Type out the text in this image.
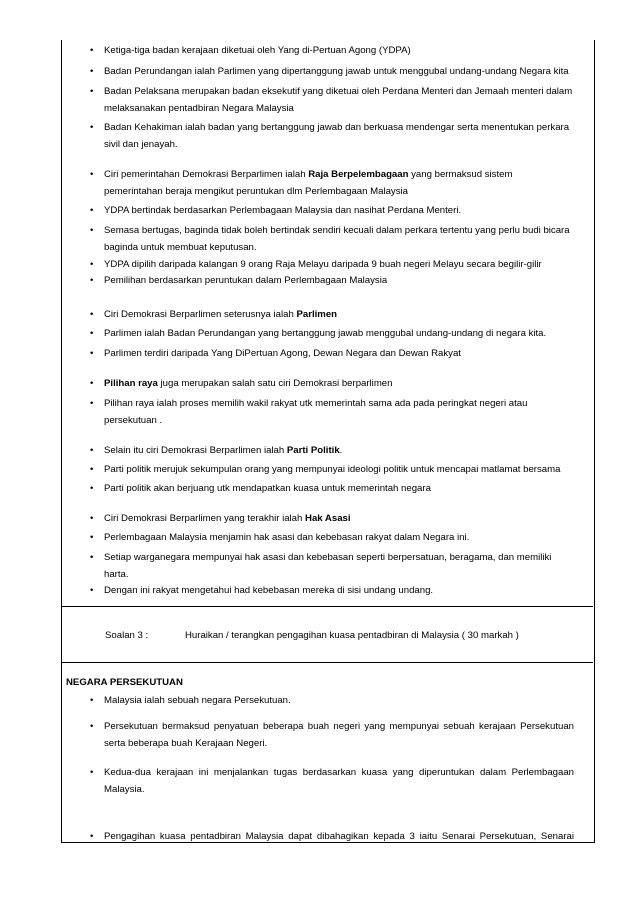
•	Ketiga-tiga badan kerajaan diketuai oleh Yang di-Pertuan Agong (YDPA)
•	Badan Perundangan ialah Parlimen yang dipertanggung jawab untuk menggubal undang-undang Negara kita
•	Badan Pelaksana merupakan badan eksekutif yang diketuai oleh Perdana Menteri dan Jemaah menteri dalam
melaksanakan pentadbiran Negara Malaysia
•	Badan Kehakiman ialah badan yang bertanggung jawab dan berkuasa mendengar serta menentukan perkara
sivil dan jenayah.
•	Ciri pemerintahan Demokrasi Berparlimen ialah Raja Berpelembagaan yang bermaksud sistem
pemerintahan beraja mengikut peruntukan dlm Perlembagaan Malaysia
•	YDPA bertindak berdasarkan Perlembagaan Malaysia dan nasihat Perdana Menteri.
•	Semasa bertugas, baginda tidak boleh bertindak sendiri kecuali dalam perkara tertentu yang perlu budi bicara
baginda untuk membuat keputusan.
•	YDPA dipilih daripada kalangan 9 orang Raja Melayu daripada 9 buah negeri Melayu secara begilir-gilir
•	Pemilihan berdasarkan peruntukan dalam Perlembagaan Malaysia
•	Ciri Demokrasi Berparlimen seterusnya ialah Parlimen
•	Parlimen ialah Badan Perundangan yang bertanggung jawab menggubal undang-undang di negara kita.
•	Parlimen terdiri daripada Yang DiPertuan Agong, Dewan Negara dan Dewan Rakyat
•	Pilihan raya juga merupakan salah satu ciri Demokrasi berparlimen
•	Pilihan raya ialah proses memilih wakil rakyat utk memerintah sama ada pada peringkat negeri atau
persekutuan .
•	Selain itu ciri Demokrasi Berparlimen ialah Parti Politik.
•	Parti politik merujuk sekumpulan orang yang mempunyai ideologi politik untuk mencapai matlamat bersama
•	Parti politik akan berjuang utk mendapatkan kuasa untuk memerintah negara
•	Ciri Demokrasi Berparlimen yang terakhir ialah Hak Asasi
•	Perlembagaan Malaysia menjamin hak asasi dan kebebasan rakyat dalam Negara ini.
•	Setiap warganegara mempunyai hak asasi dan kebebasan seperti berpersatuan, beragama, dan memiliki
harta.
•	Dengan ini rakyat mengetahui had kebebasan mereka di sisi undang undang.
Soalan 3 :	Huraikan / terangkan pengagihan kuasa pentadbiran di Malaysia ( 30 markah )
NEGARA PERSEKUTUAN
•	Malaysia ialah sebuah negara Persekutuan.
•	Persekutuan bermaksud penyatuan beberapa buah negeri yang mempunyai sebuah kerajaan Persekutuan
serta beberapa buah Kerajaan Negeri.
•	Kedua-dua kerajaan ini menjalankan tugas berdasarkan kuasa yang diperuntukan dalam Perlembagaan
Malaysia.
•	Pengagihan kuasa pentadbiran Malaysia dapat dibahagikan kepada 3 iaitu Senarai Persekutuan, Senarai
